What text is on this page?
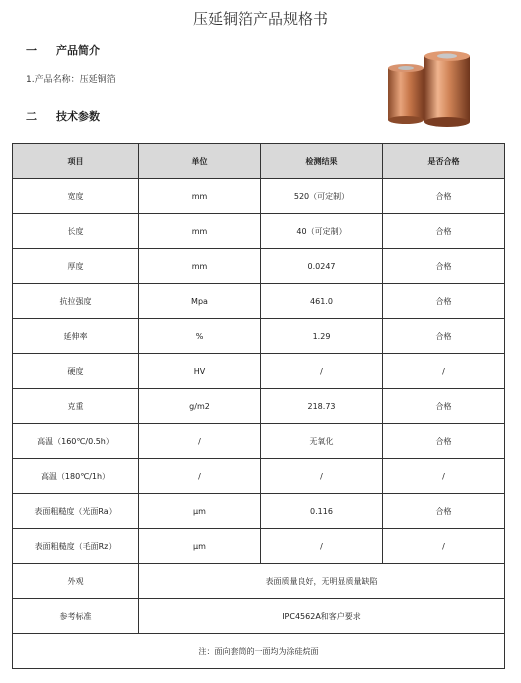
压延铜箔产品规格书
一 产品简介
1.产品名称：压延铜箔
二 技术参数
项目	单位	检测结果	是否合格
宽度	mm	520（可定制）	合格
长度	mm	40（可定制）	合格
厚度	mm	0.0247	合格
抗拉强度	Mpa	461.0	合格
延伸率	%	1.29	合格
硬度	HV	/	/
克重	g/m2	218.73	合格
高温（160℃/0.5h）	/	无氧化	合格
高温（180℃/1h）	/	/	/
表面粗糙度（光面Ra）	μm	0.116	合格
表面粗糙度（毛面Rz）	μm	/	/
外观	表面质量良好，无明显质量缺陷		
参考标准	IPC4562A和客户要求		
注：面向套筒的一面均为涂硅烷面			
